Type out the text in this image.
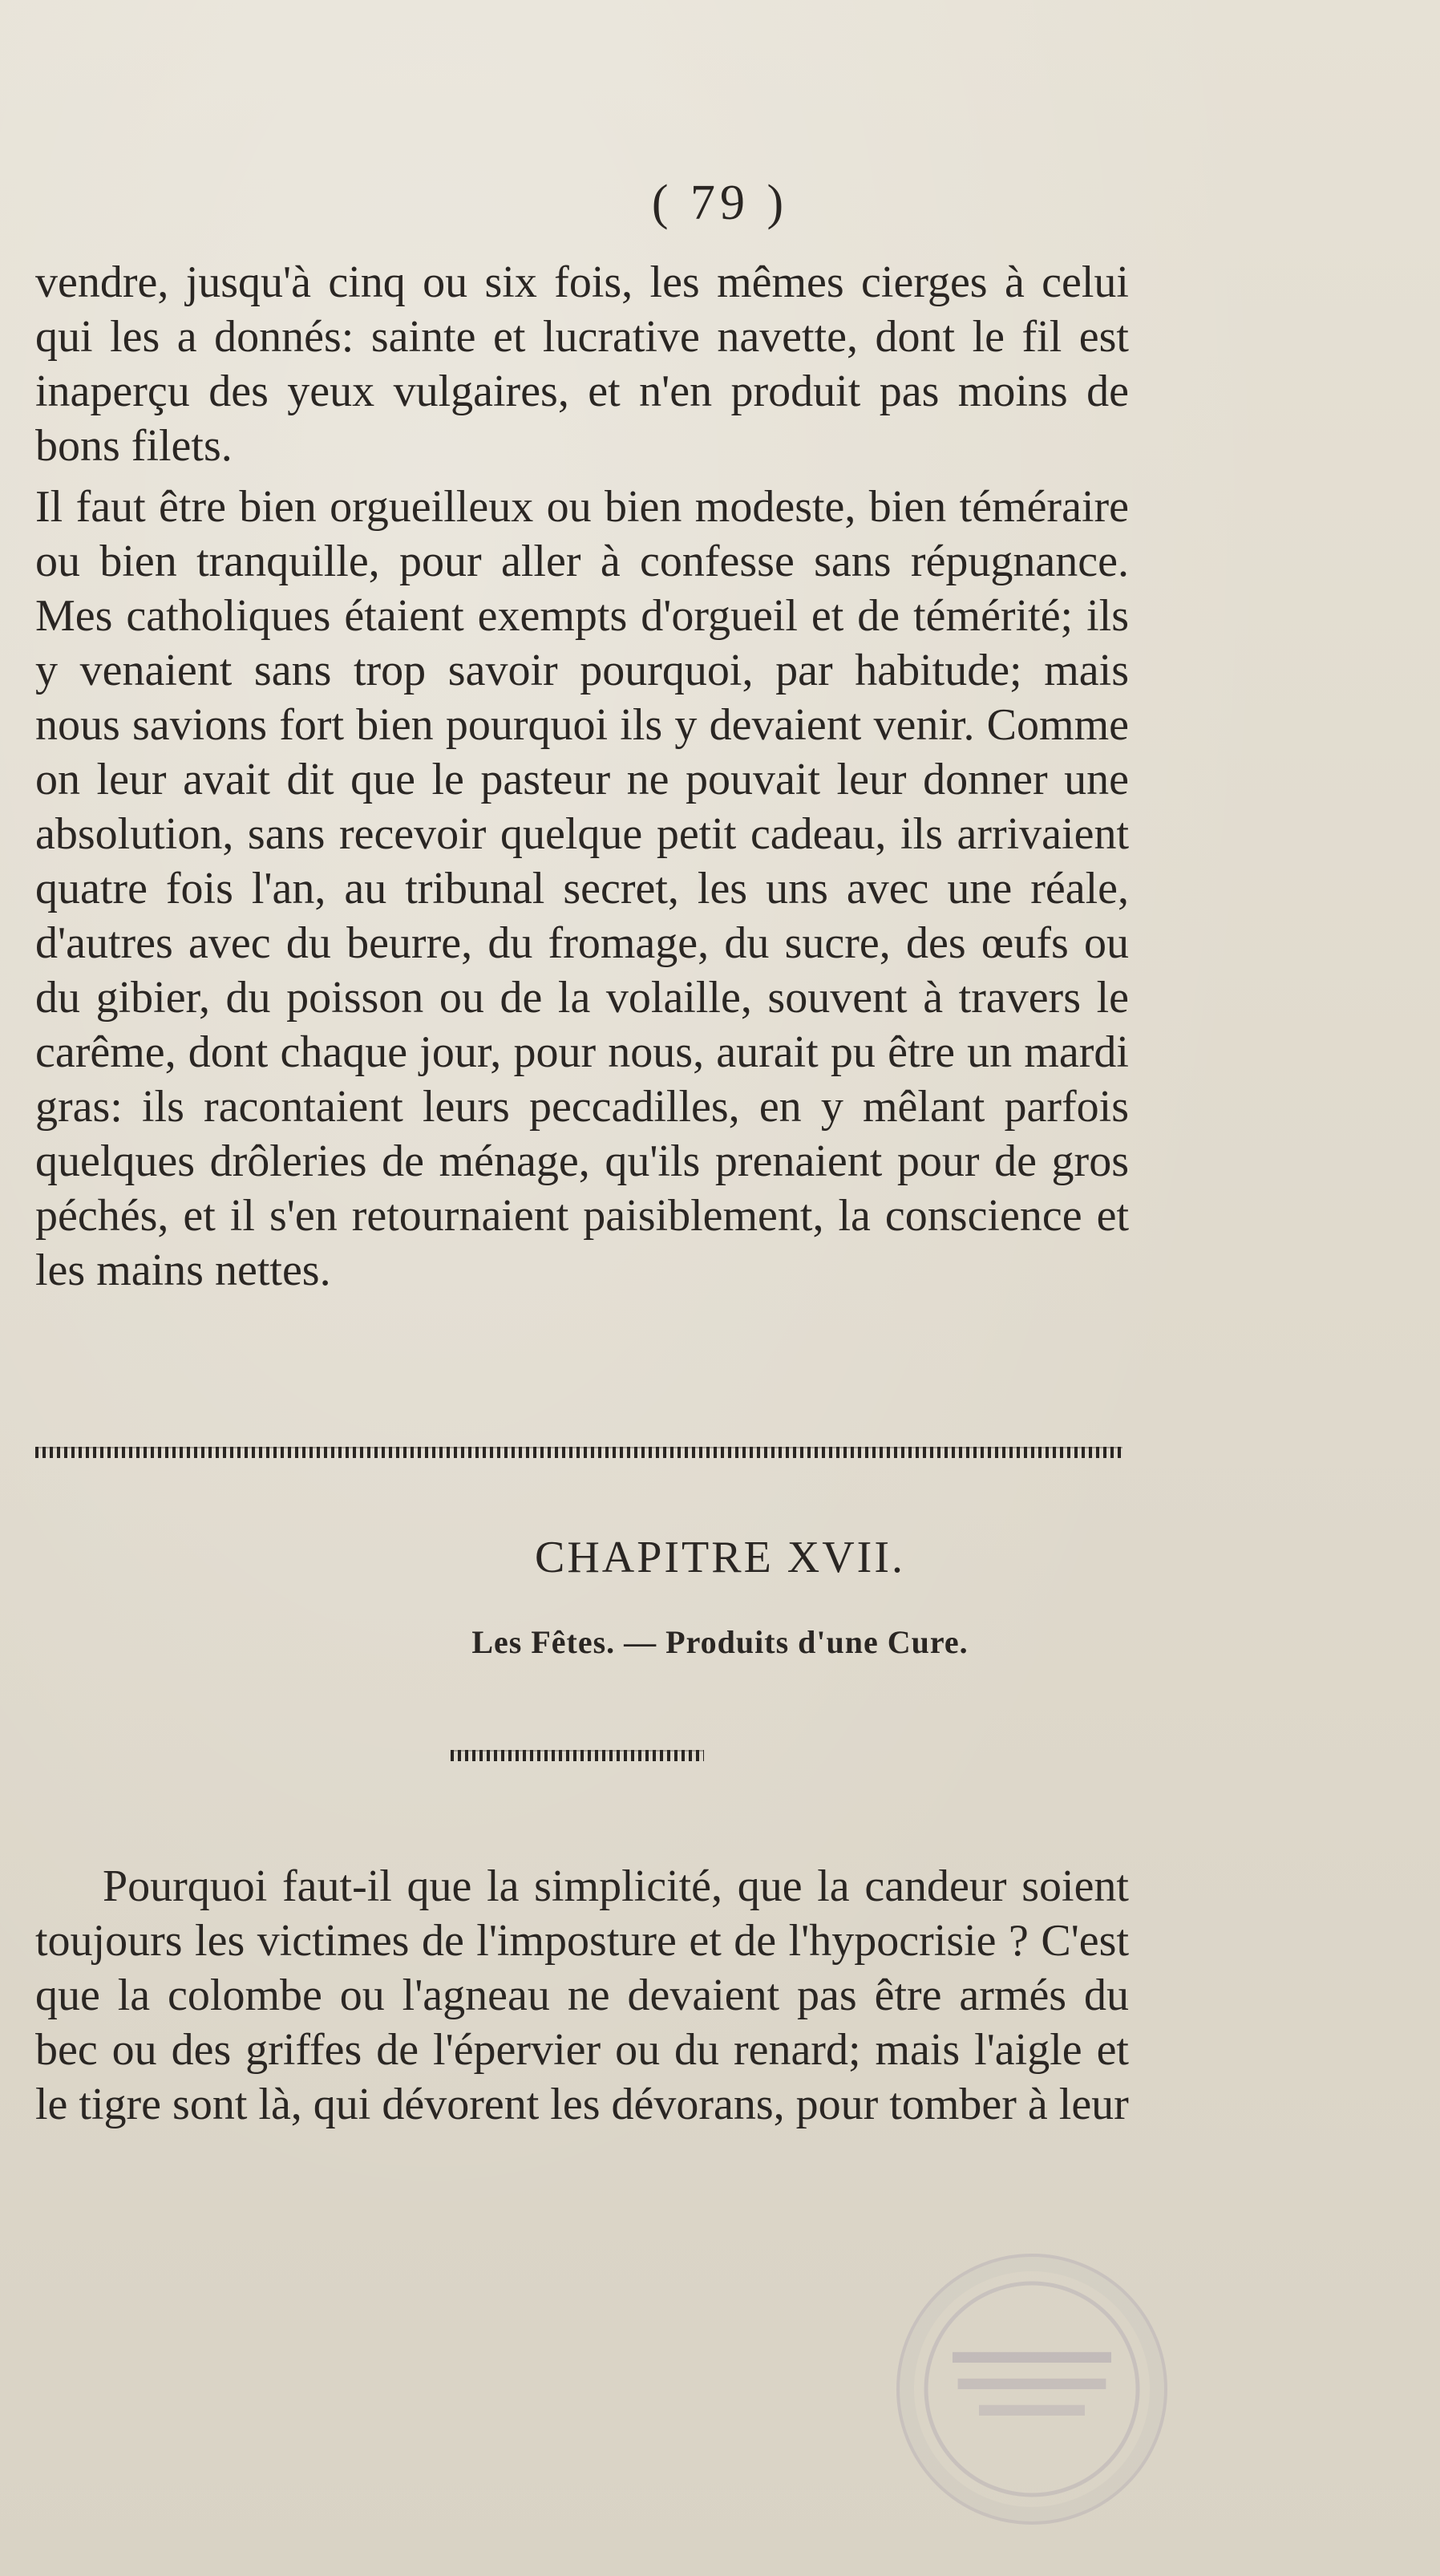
( 79 )

vendre, jusqu'à cinq ou six fois, les mêmes cierges à celui qui les a donnés: sainte et lucrative navette, dont le fil est inaperçu des yeux vulgaires, et n'en produit pas moins de bons filets.

Il faut être bien orgueilleux ou bien modeste, bien téméraire ou bien tranquille, pour aller à confesse sans répugnance. Mes catholiques étaient exempts d'orgueil et de témérité; ils y venaient sans trop savoir pourquoi, par habitude; mais nous savions fort bien pourquoi ils y devaient venir. Comme on leur avait dit que le pasteur ne pouvait leur donner une absolution, sans recevoir quelque petit cadeau, ils arrivaient quatre fois l'an, au tribunal secret, les uns avec une réale, d'autres avec du beurre, du fromage, du sucre, des œufs ou du gibier, du poisson ou de la volaille, souvent à travers le carême, dont chaque jour, pour nous, aurait pu être un mardi gras: ils racontaient leurs peccadilles, en y mêlant parfois quelques drôleries de ménage, qu'ils prenaient pour de gros péchés, et il s'en retournaient paisiblement, la conscience et les mains nettes.

CHAPITRE XVII.
Les Fêtes. — Produits d'une Cure.

Pourquoi faut-il que la simplicité, que la candeur soient toujours les victimes de l'imposture et de l'hypocrisie ? C'est que la colombe ou l'agneau ne devaient pas être armés du bec ou des griffes de l'épervier ou du renard; mais l'aigle et le tigre sont là, qui dévorent les dévorans, pour tomber à leur
